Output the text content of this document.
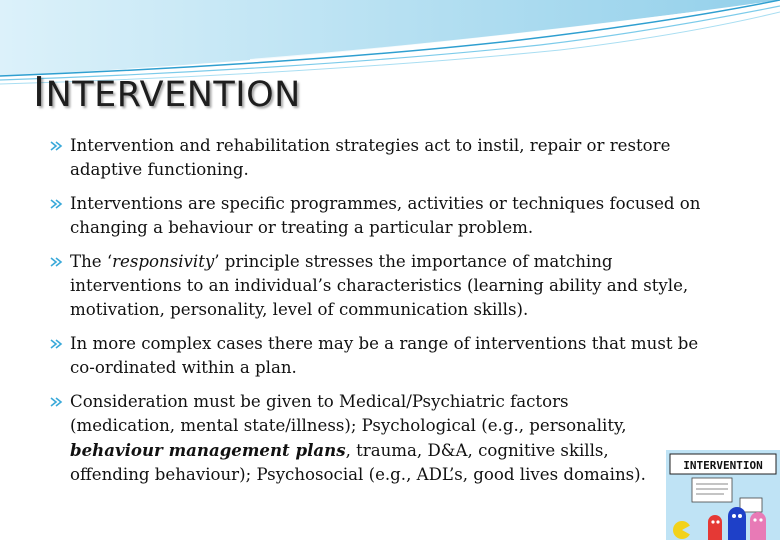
INTERVENTION
Intervention and rehabilitation strategies act to instil, repair or restore adaptive functioning.
Interventions are specific programmes, activities or techniques focused on changing a behaviour or treating a particular problem.
The ‘responsivity’ principle stresses the importance of matching interventions to an individual’s characteristics (learning ability and style, motivation, personality, level of communication skills).
In more complex cases there may be a range of interventions that must be co-ordinated within a plan.
Consideration must be given to Medical/Psychiatric factors (medication, mental state/illness); Psychological (e.g., personality, behaviour management plans, trauma, D&A, cognitive skills, offending behaviour); Psychosocial (e.g., ADL’s, good lives domains).	INTERVENTION
